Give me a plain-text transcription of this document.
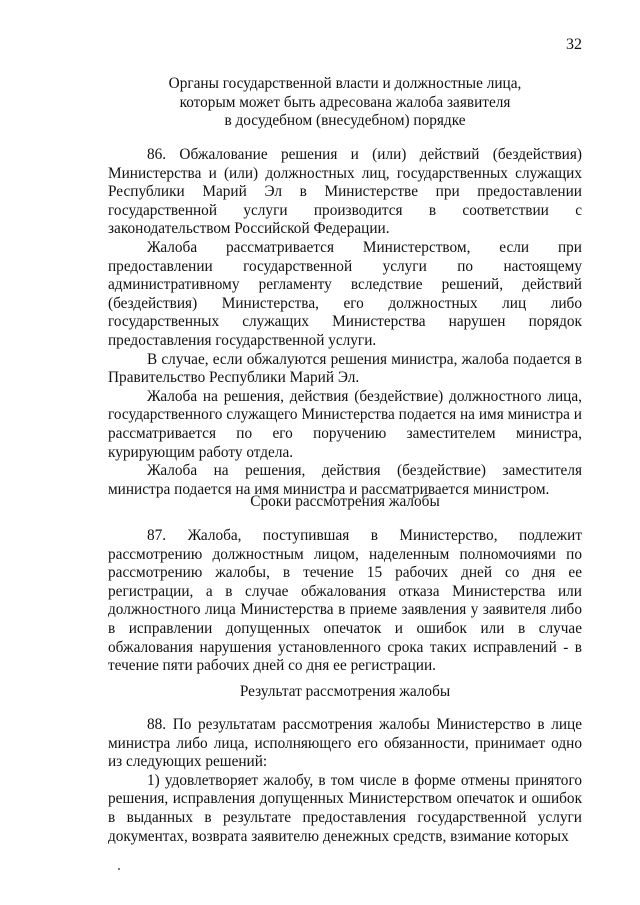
32
Органы государственной власти и должностные лица,
которым может быть адресована жалоба заявителя
в досудебном (внесудебном) порядке

86. Обжалование решения и (или) действий (бездействия) Министерства и (или) должностных лиц, государственных служащих Республики Марий Эл в Министерстве при предоставлении государственной услуги производится в соответствии с законодательством Российской Федерации.

Жалоба рассматривается Министерством, если при предоставлении государственной услуги по настоящему административному регламенту вследствие решений, действий (бездействия) Министерства, его должностных лиц либо государственных служащих Министерства нарушен порядок предоставления государственной услуги.

В случае, если обжалуются решения министра, жалоба подается в Правительство Республики Марий Эл.

Жалоба на решения, действия (бездействие) должностного лица, государственного служащего Министерства подается на имя министра и рассматривается по его поручению заместителем министра, курирующим работу отдела.

Жалоба на решения, действия (бездействие) заместителя министра подается на имя министра и рассматривается министром.

Сроки рассмотрения жалобы

87. Жалоба, поступившая в Министерство, подлежит рассмотрению должностным лицом, наделенным полномочиями по рассмотрению жалобы, в течение 15 рабочих дней со дня ее регистрации, а в случае обжалования отказа Министерства или должностного лица Министерства в приеме заявления у заявителя либо в исправлении допущенных опечаток и ошибок или в случае обжалования нарушения установленного срока таких исправлений - в течение пяти рабочих дней со дня ее регистрации.

Результат рассмотрения жалобы

88. По результатам рассмотрения жалобы Министерство в лице министра либо лица, исполняющего его обязанности, принимает одно из следующих решений:

1) удовлетворяет жалобу, в том числе в форме отмены принятого решения, исправления допущенных Министерством опечаток и ошибок в выданных в результате предоставления государственной услуги документах, возврата заявителю денежных средств, взимание которых
